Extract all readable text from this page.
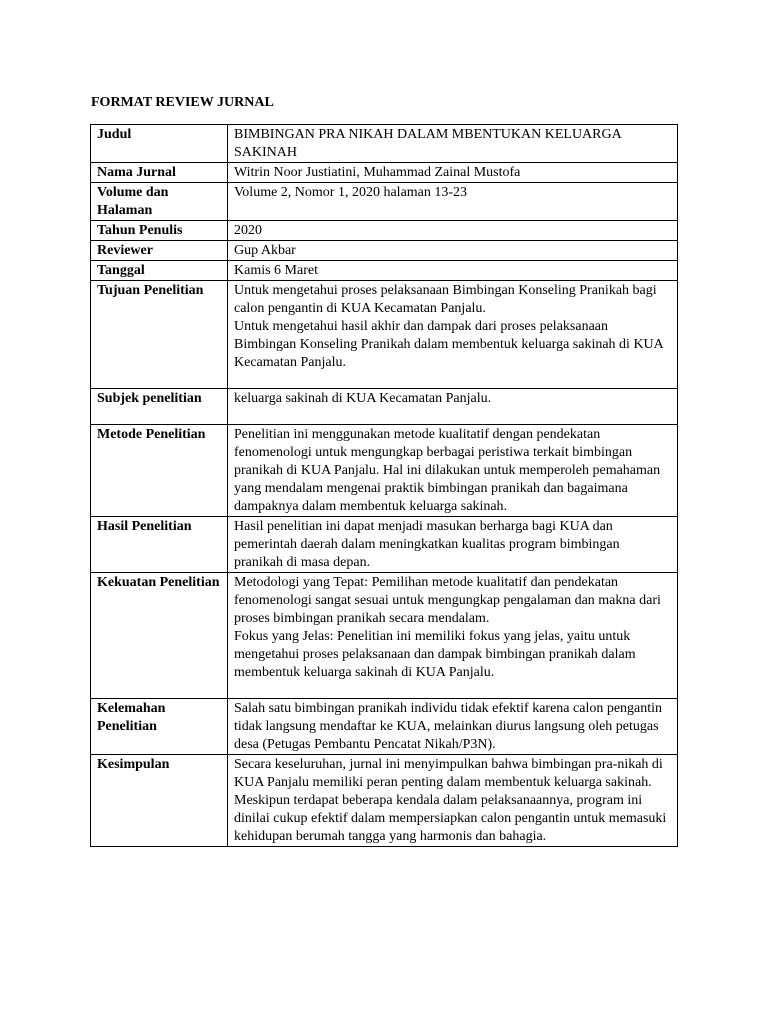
FORMAT REVIEW JURNAL
Judul	BIMBINGAN PRA NIKAH DALAM MBENTUKAN KELUARGA SAKINAH
Nama Jurnal	Witrin Noor Justiatini, Muhammad Zainal Mustofa
Volume dan Halaman	Volume 2, Nomor 1, 2020 halaman 13-23
Tahun Penulis	2020
Reviewer	Gup Akbar
Tanggal	Kamis 6 Maret
Tujuan Penelitian	Untuk mengetahui proses pelaksanaan Bimbingan Konseling Pranikah bagi calon pengantin di KUA Kecamatan Panjalu.
Untuk mengetahui hasil akhir dan dampak dari proses pelaksanaan Bimbingan Konseling Pranikah dalam membentuk keluarga sakinah di KUA Kecamatan Panjalu.

Subjek penelitian	keluarga sakinah di KUA Kecamatan Panjalu.
Metode Penelitian	Penelitian ini menggunakan metode kualitatif dengan pendekatan fenomenologi untuk mengungkap berbagai peristiwa terkait bimbingan pranikah di KUA Panjalu. Hal ini dilakukan untuk memperoleh pemahaman yang mendalam mengenai praktik bimbingan pranikah dan bagaimana dampaknya dalam membentuk keluarga sakinah.
Hasil Penelitian	Hasil penelitian ini dapat menjadi masukan berharga bagi KUA dan pemerintah daerah dalam meningkatkan kualitas program bimbingan pranikah di masa depan.
Kekuatan Penelitian	Metodologi yang Tepat: Pemilihan metode kualitatif dan pendekatan fenomenologi sangat sesuai untuk mengungkap pengalaman dan makna dari proses bimbingan pranikah secara mendalam.
Fokus yang Jelas: Penelitian ini memiliki fokus yang jelas, yaitu untuk mengetahui proses pelaksanaan dan dampak bimbingan pranikah dalam membentuk keluarga sakinah di KUA Panjalu.

Kelemahan Penelitian	Salah satu bimbingan pranikah individu tidak efektif karena calon pengantin tidak langsung mendaftar ke KUA, melainkan diurus langsung oleh petugas desa (Petugas Pembantu Pencatat Nikah/P3N).
Kesimpulan	Secara keseluruhan, jurnal ini menyimpulkan bahwa bimbingan pra-nikah di KUA Panjalu memiliki peran penting dalam membentuk keluarga sakinah. Meskipun terdapat beberapa kendala dalam pelaksanaannya, program ini dinilai cukup efektif dalam mempersiapkan calon pengantin untuk memasuki kehidupan berumah tangga yang harmonis dan bahagia.
